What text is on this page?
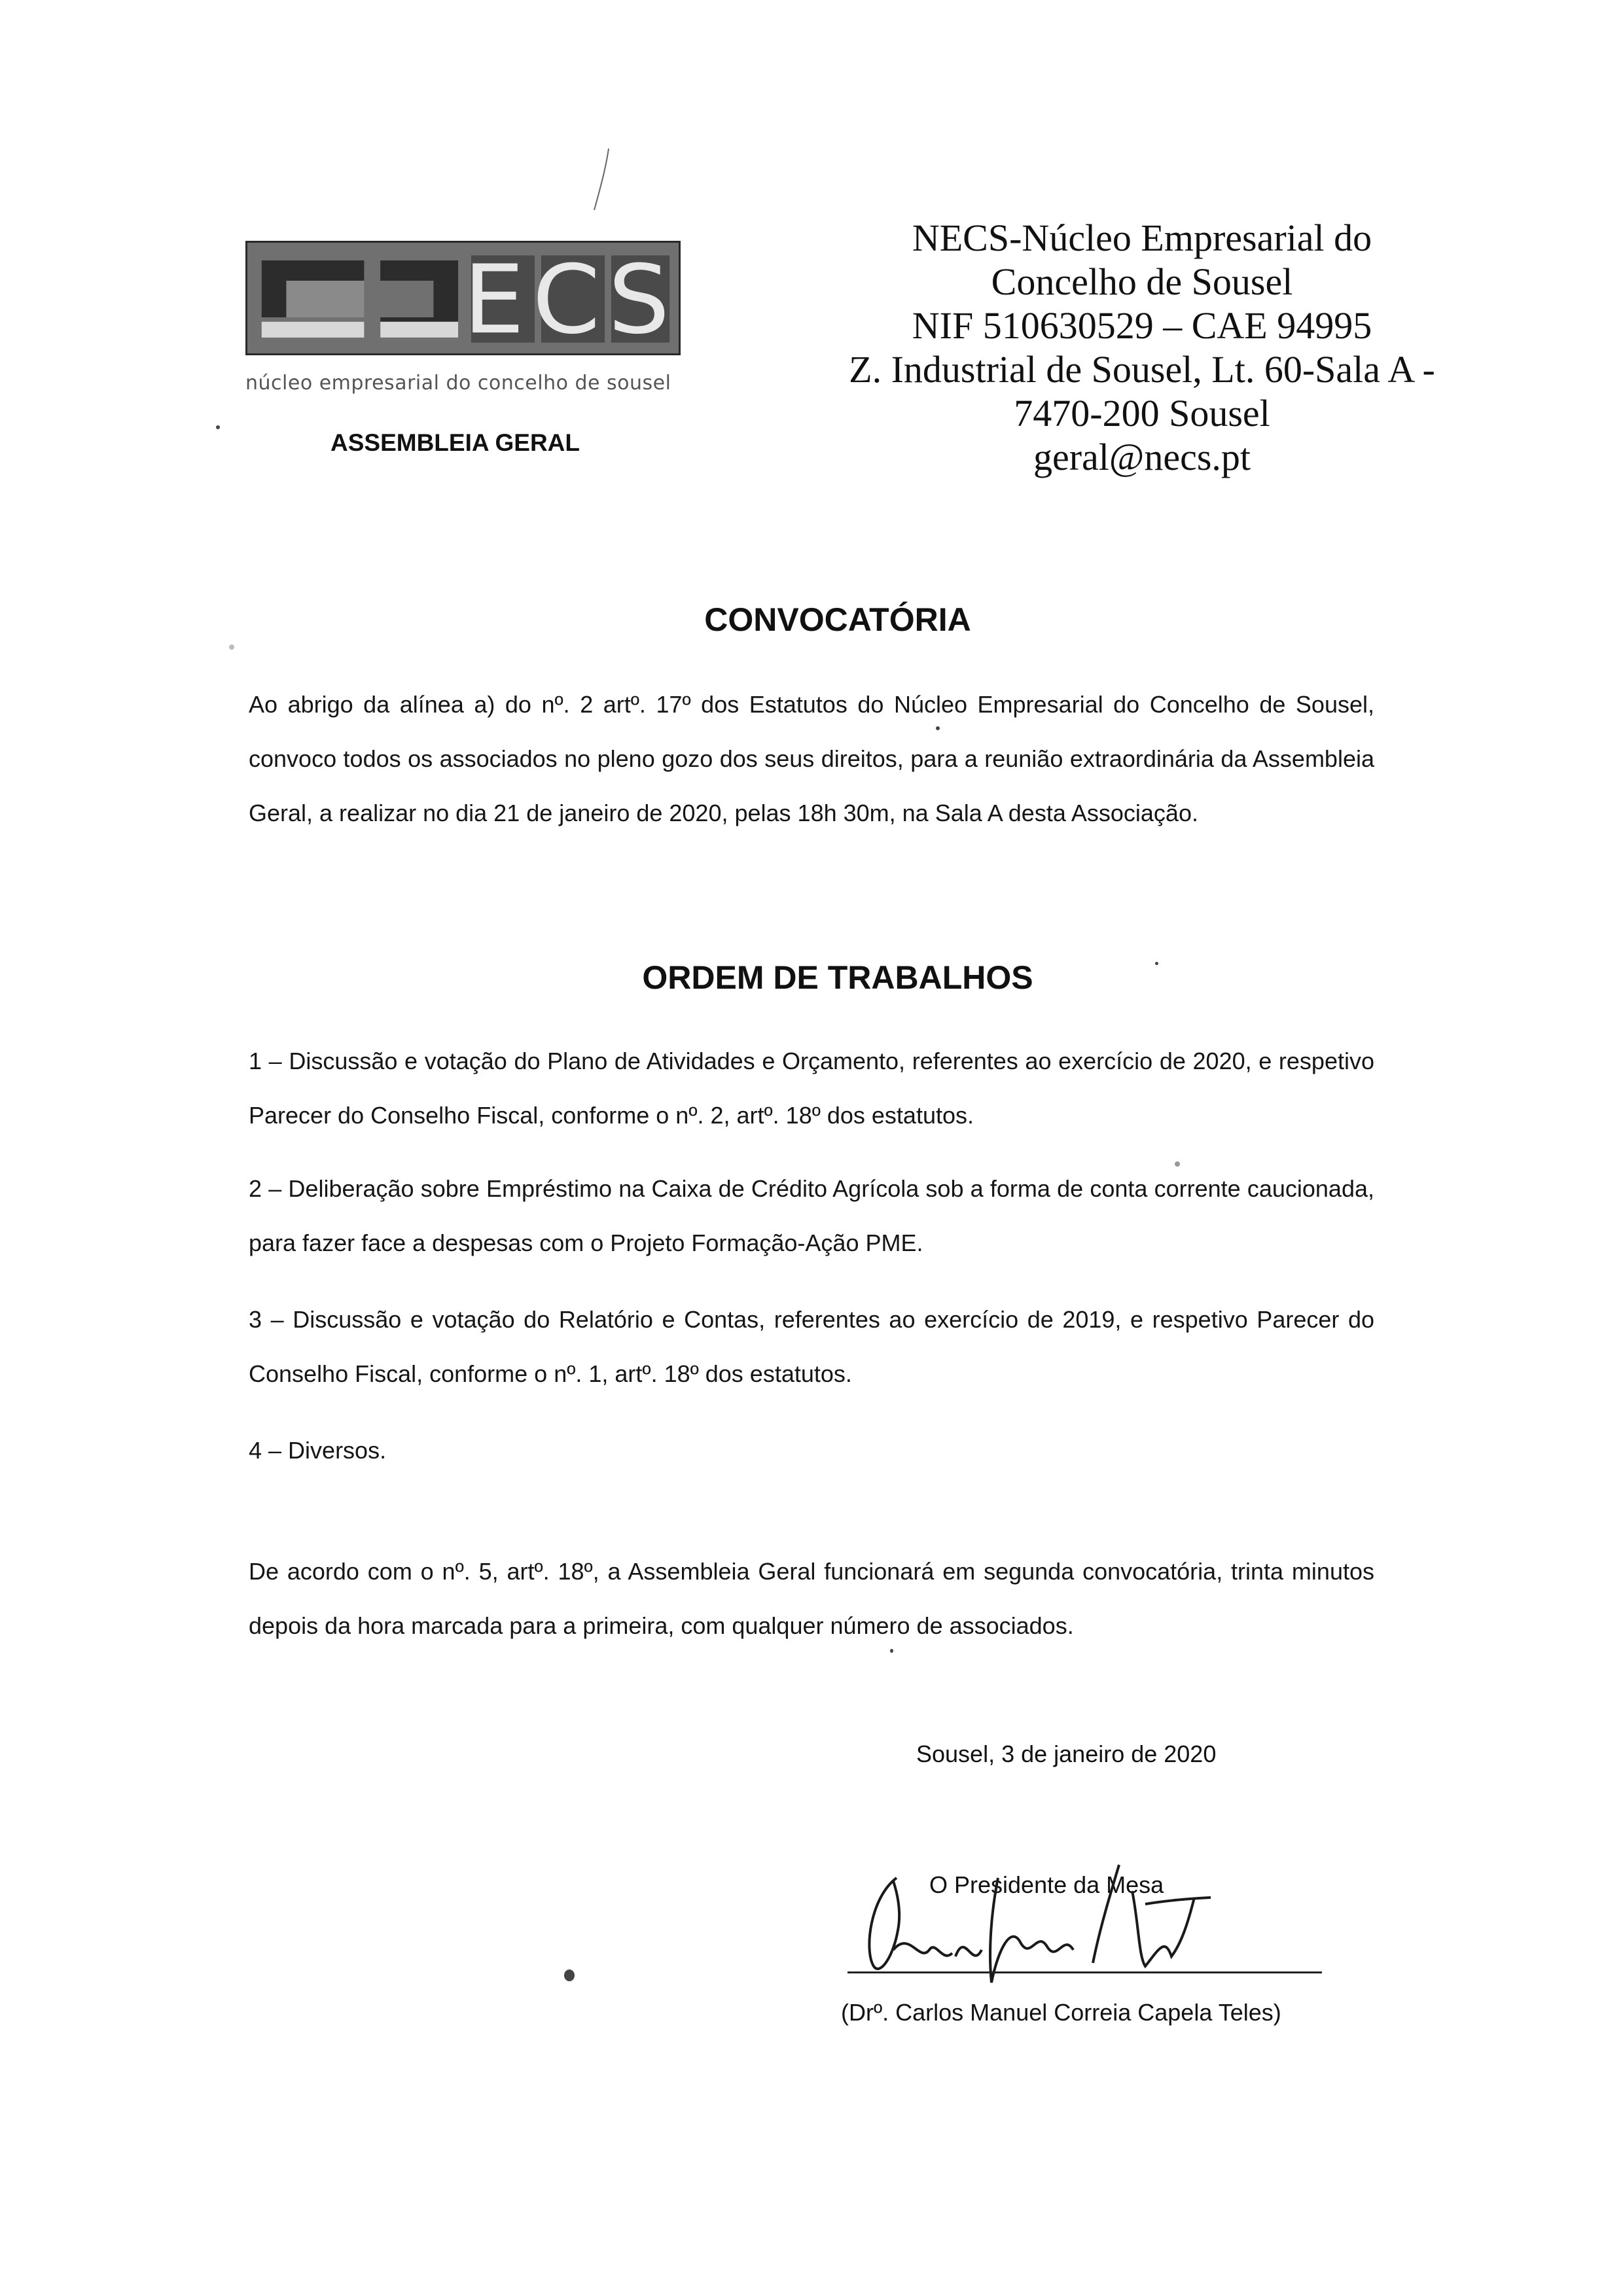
ECS
núcleo empresarial do concelho de sousel
ASSEMBLEIA GERAL
NECS-Núcleo Empresarial do
Concelho de Sousel
NIF 510630529 – CAE 94995
Z. Industrial de Sousel, Lt. 60-Sala A -
7470-200 Sousel
geral@necs.pt
CONVOCATÓRIA
Ao abrigo da alínea a) do nº. 2 artº. 17º dos Estatutos do Núcleo Empresarial do Concelho de Sousel, convoco todos os associados no pleno gozo dos seus direitos, para a reunião extraordinária da Assembleia Geral, a realizar no dia 21 de janeiro de 2020, pelas 18h 30m, na Sala A desta Associação.
ORDEM DE TRABALHOS
1 – Discussão e votação do Plano de Atividades e Orçamento, referentes ao exercício de 2020, e respetivo Parecer do Conselho Fiscal, conforme o nº. 2, artº. 18º dos estatutos.
2 – Deliberação sobre Empréstimo na Caixa de Crédito Agrícola sob a forma de conta corrente caucionada, para fazer face a despesas com o Projeto Formação-Ação PME.
3 – Discussão e votação do Relatório e Contas, referentes ao exercício de 2019, e respetivo Parecer do Conselho Fiscal, conforme o nº. 1, artº. 18º dos estatutos.
4 – Diversos.
De acordo com o nº. 5, artº. 18º, a Assembleia Geral funcionará em segunda convocatória, trinta minutos depois da hora marcada para a primeira, com qualquer número de associados.
Sousel, 3 de janeiro de 2020
O Presidente da Mesa
(Drº. Carlos Manuel Correia Capela Teles)
